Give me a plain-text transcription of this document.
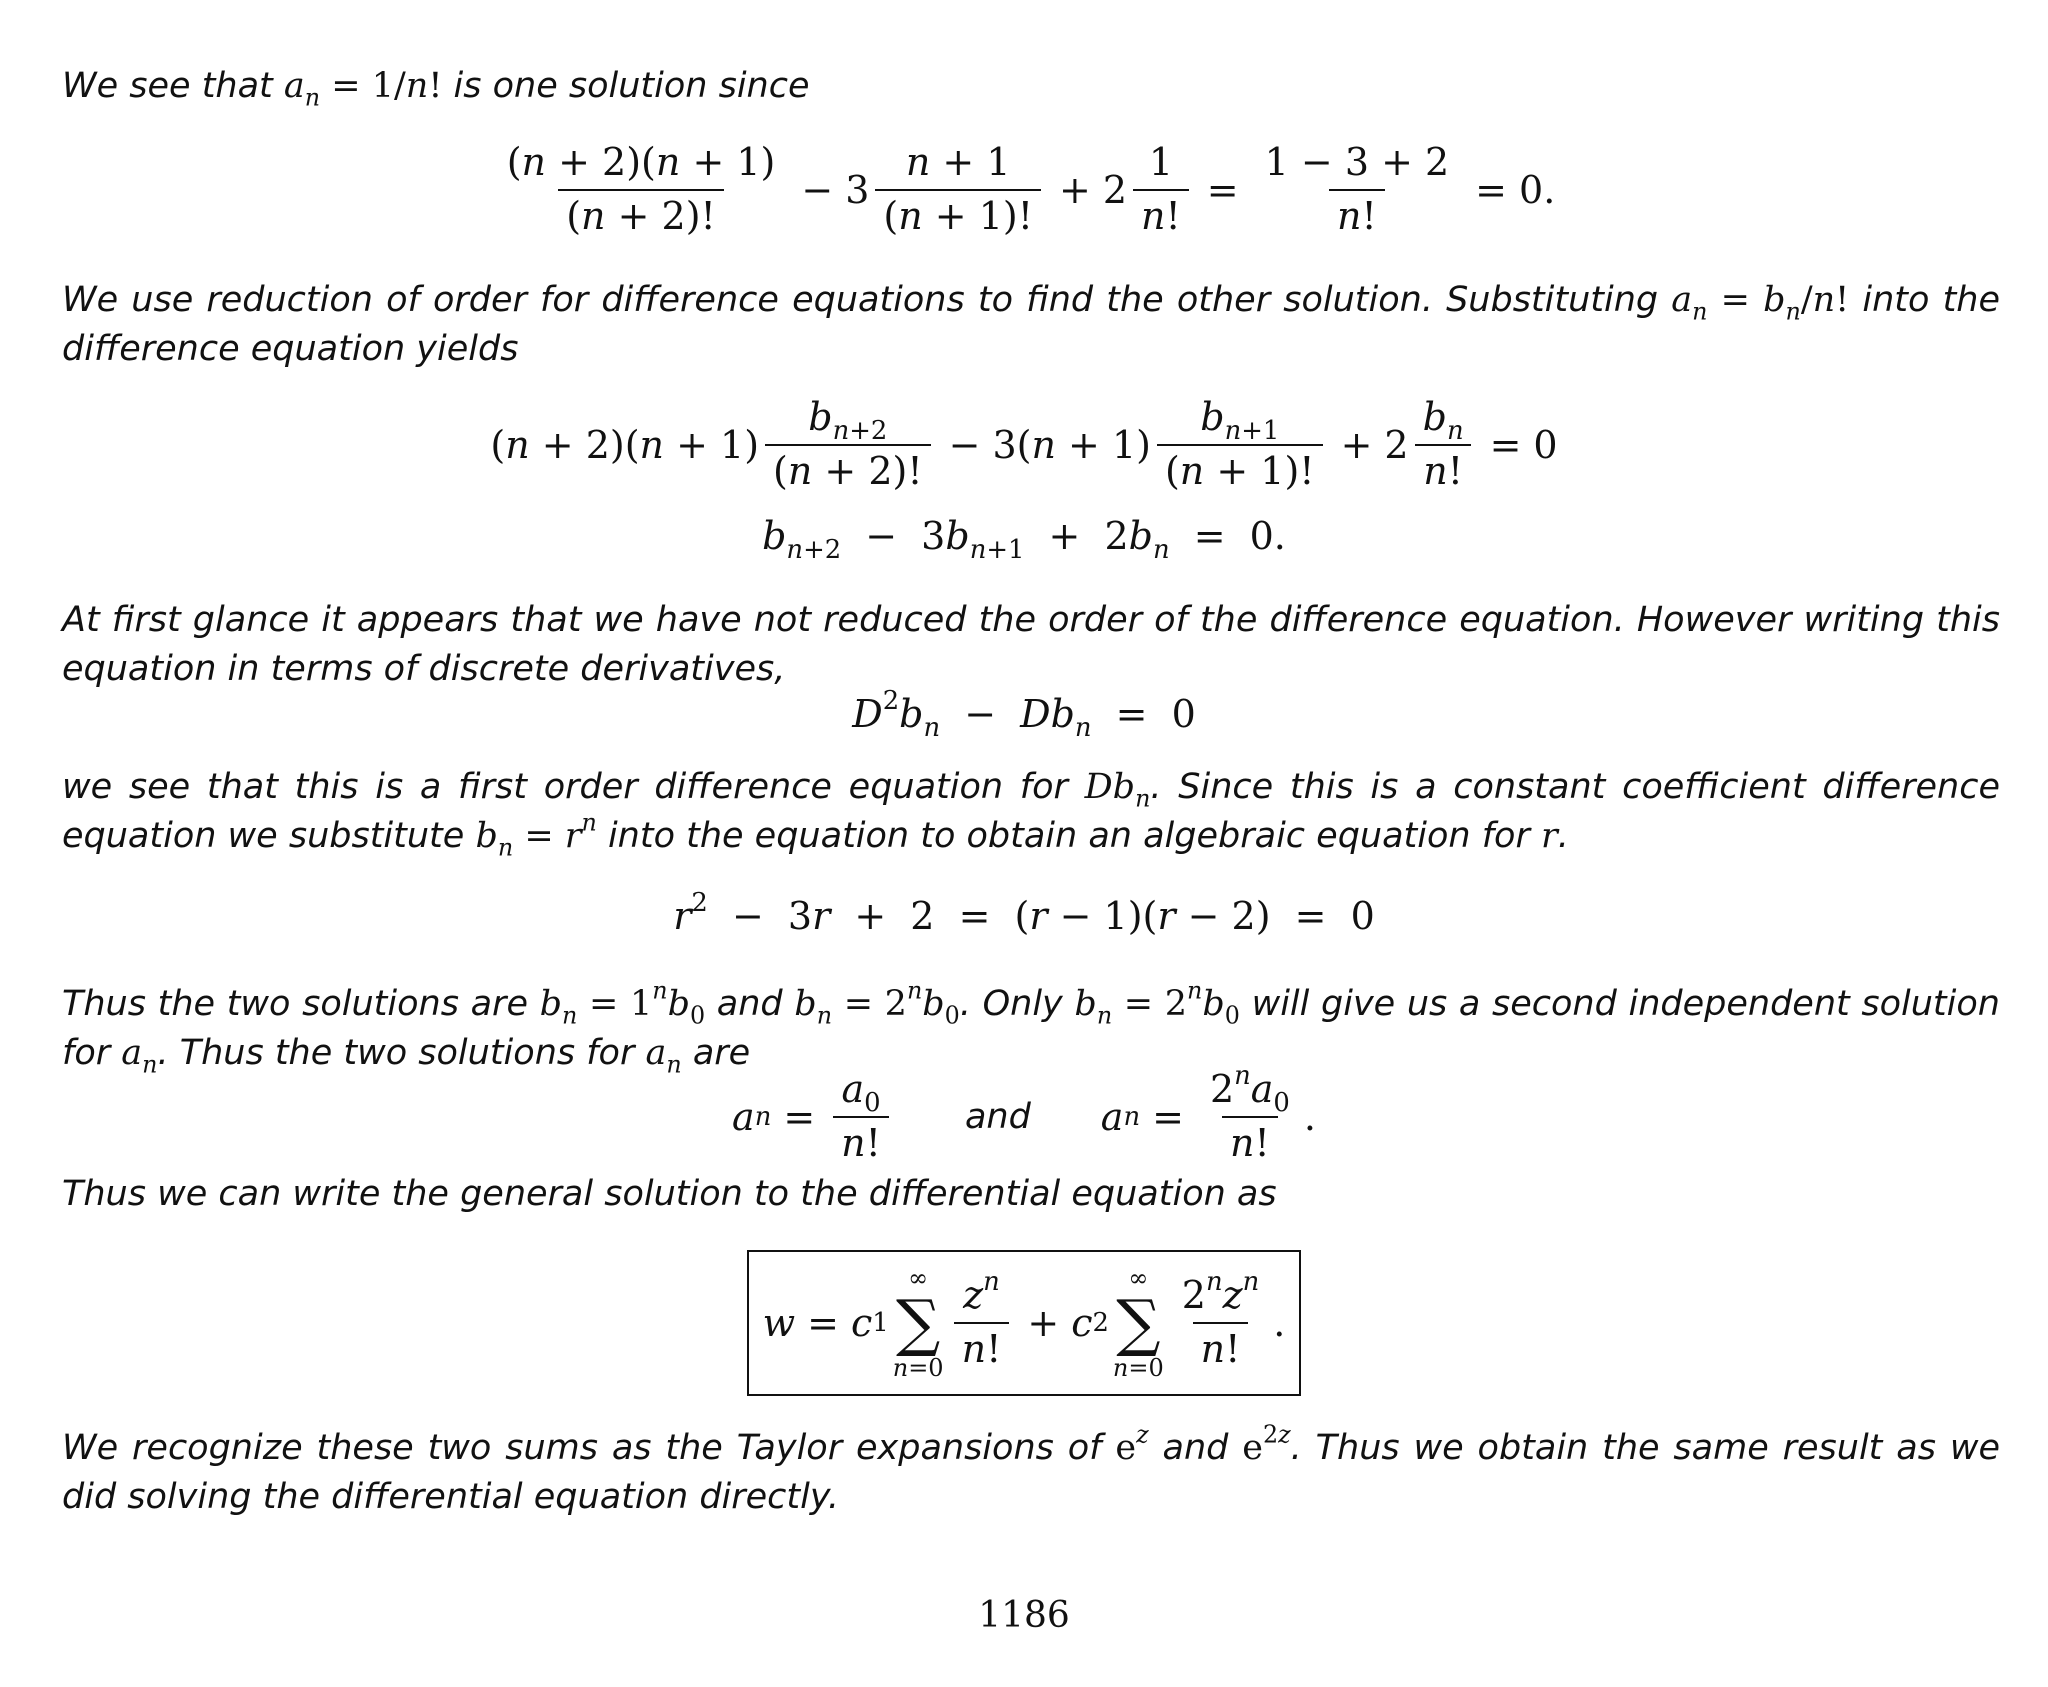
We see that $a_n = 1/n$! is one solution since

$\frac{(n + 2)(n + 1)}{(n + 2)!} - 3 \frac{n + 1}{(n + 1)!} + 2 \frac{1}{n!} = \frac{1 - 3 + 2}{n!} = 0$.

We use reduction of order for difference equations to find the other solution. Substituting $a_n = b_n/n$! into the difference equation yields

( n + 2)( $n + 1) \frac{b_{n+2}}{(n + 2)!} - 3$( $n + 1) \frac{b_{n+1}}{(n + 1)!} + 2 \frac{b_n}{n!} = 0$
$b_{n+2} - 3b_{n+1} + 2b_n = 0$.

At first glance it appears that we have not reduced the order of the difference equation. However writing this equation in terms of discrete derivatives,

$D^2b_n - Db_n = 0$

we see that this is a first order difference equation for $Db_n$. Since this is a constant coefficient difference equation we substitute $b_n = r^n$ into the equation to obtain an algebraic equation for r.

$r^2 - 3r + 2 = (r - 1)(r - 2) = 0$

Thus the two solutions are $b_n = 1^nb_0$ and $b_n = 2^nb_0$. Only $b_n = 2^nb_0$ will give us a second independent solution for $a_n$. Thus the two solutions for $a_n$ are

a $n = \frac{a_0}{n!}$ and a $n = \frac{2^na_0}{n!}$ .

Thus we can write the general solution to the differential equation as

w = c 1
∞
∑
$n=0 \frac{z^n}{n!} + c$ 2
∞
∑
$n=0 \frac{2^nz^n}{n!}$ .

We recognize these two sums as the Taylor expansions of $e^z$ and $e^{2z}$. Thus we obtain the same result as we did solving the differential equation directly.

1186
